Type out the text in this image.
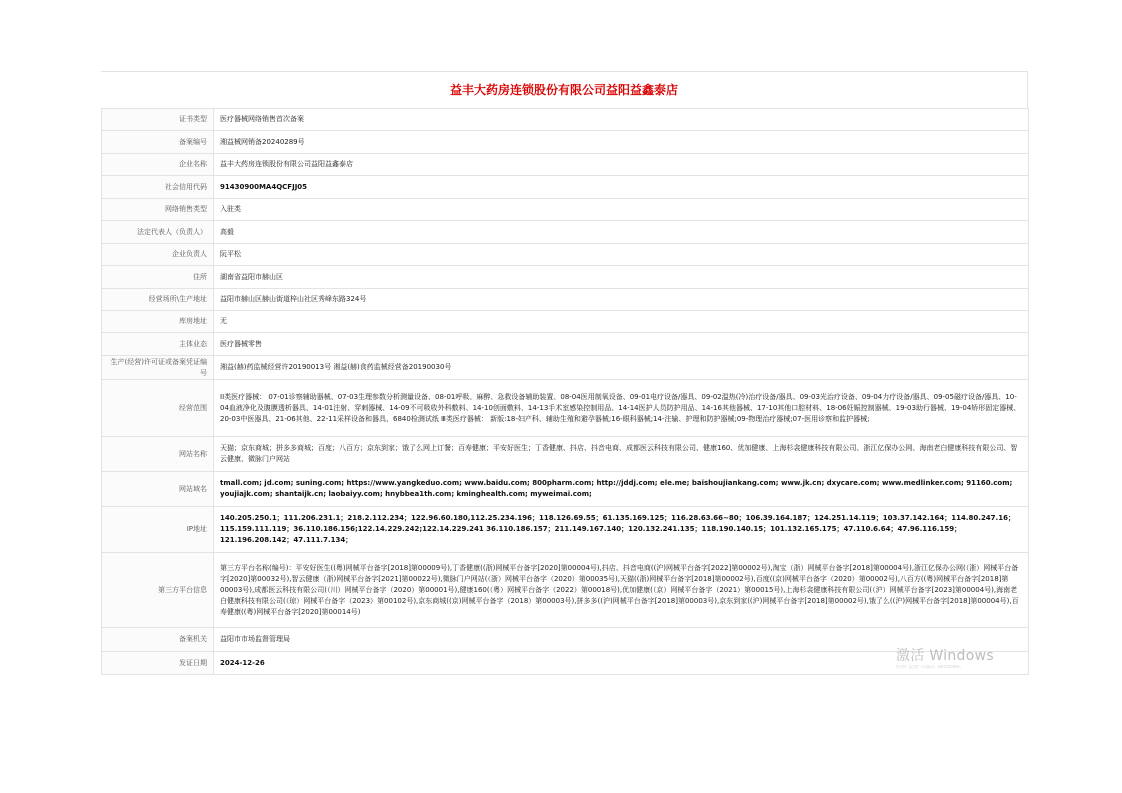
益丰大药房连锁股份有限公司益阳益鑫泰店
证书类型	医疗器械网络销售首次备案
备案编号	湘益械网销备20240289号
企业名称	益丰大药房连锁股份有限公司益阳益鑫泰店
社会信用代码	91430900MA4QCFJJ05
网络销售类型	入驻类
法定代表人（负责人）	高毅
企业负责人	阮平松
住所	湖南省益阳市赫山区
经营场所\生产地址	益阳市赫山区赫山街道梓山社区秀峰东路324号
库房地址	无
主体业态	医疗器械零售
生产(经营)许可证或备案凭证编号	湘益(赫)药监械经营许20190013号 湘益(赫)食药监械经营备20190030号
经营范围	II类医疗器械： 07-01诊察辅助器械、07-03生理参数分析测量设备、08-01呼吸、麻醉、急救设备辅助装置、08-04医用制氧设备、09-01电疗设备/器具、09-02温热(冷)治疗设备/器具、09-03光治疗设备、09-04力疗设备/器具、09-05磁疗设备/器具、10-04血液净化及腹膜透析器具、14-01注射、穿刺器械、14-09不可吸收外科敷料、14-10创面敷料、14-13手术室感染控制用品、14-14医护人员防护用品、14-16其他器械、17-10其他口腔材料、18-06妊娠控制器械、19-03助行器械、19-04矫形固定器械、20-03中医器具、21-06其他、22-11采样设备和器具、6840检测试纸 Ⅲ类医疗器械： 新版:18-妇产科、辅助生殖和避孕器械;16-眼科器械;14-注输、护理和防护器械;09-物理治疗器械;07-医用诊察和监护器械;
网站名称	天猫；京东商城；拼多多商城；百度；八百方；京东到家；饿了么网上订餐；百寿健康；平安好医生；丁香健康、抖店、抖音电商、成都医云科技有限公司、健康160、优加健康、上海杉衾健康科技有限公司、浙江亿保办公网、海南老白健康科技有限公司、智云健康、微脉门户网站
网站域名	tmall.com; jd.com; suning.com; https://www.yangkeduo.com; www.baidu.com; 800pharm.com; http://jddj.com; ele.me; baishoujiankang.com; www.jk.cn; dxycare.com; www.medlinker.com; 91160.com; youjiajk.com; shantaijk.cn; laobaiyy.com; hnybbea1th.com; kminghealth.com; myweimai.com;
IP地址	140.205.250.1；111.206.231.1；218.2.112.234；122.96.60.180,112.25.234.196；118.126.69.55；61.135.169.125；116.28.63.66~80；106.39.164.187；124.251.14.119；103.37.142.164；114.80.247.16；115.159.111.119；36.110.186.156;122.14.229.242;122.14.229.241 36.110.186.157；211.149.167.140；120.132.241.135；118.190.140.15；101.132.165.175；47.110.6.64；47.96.116.159；121.196.208.142；47.111.7.134；
第三方平台信息	第三方平台名称(编号)：平安好医生((粤)网械平台备字[2018]第00009号),丁香健康((浙)网械平台备字[2020]第00004号),抖店、抖音电商((沪)网械平台备字[2022]第00002号),淘宝（浙）网械平台备字[2018]第00004号),浙江亿保办公网(（浙）网械平台备字[2020]第00032号),智云健康（浙)网械平台备字[2021]第00022号),微脉门户网站(（浙）网械平台备字（2020）第00035号),天猫((浙)网械平台备字[2018]第00002号),百度((京)网械平台备字（2020）第00002号),八百方((粤)网械平台备字[2018]第00003号),成都医云科技有限公司(（川）网械平台备字（2020）第00001号),健康160(（粤）网械平台备字（2022）第00018号),优加健康(（京）网械平台备字（2021）第00015号),上海杉衾健康科技有限公司(（沪）网械平台备字[2023]第00004号),海南老白健康科技有限公司(（琼）网械平台备字（2023）第00102号),京东商城((京)网械平台备字（2018）第00003号),拼多多((沪)网械平台备字[2018]第00003号),京东到家((沪)网械平台备字[2018]第00002号),饿了么((沪)网械平台备字[2018]第00004号),百寿健康((粤)网械平台备字[2020]第00014号)
备案机关	益阳市市场监督管理局
发证日期	2024-12-26	激活 Windows
转到"设置"以激活 Windows。
